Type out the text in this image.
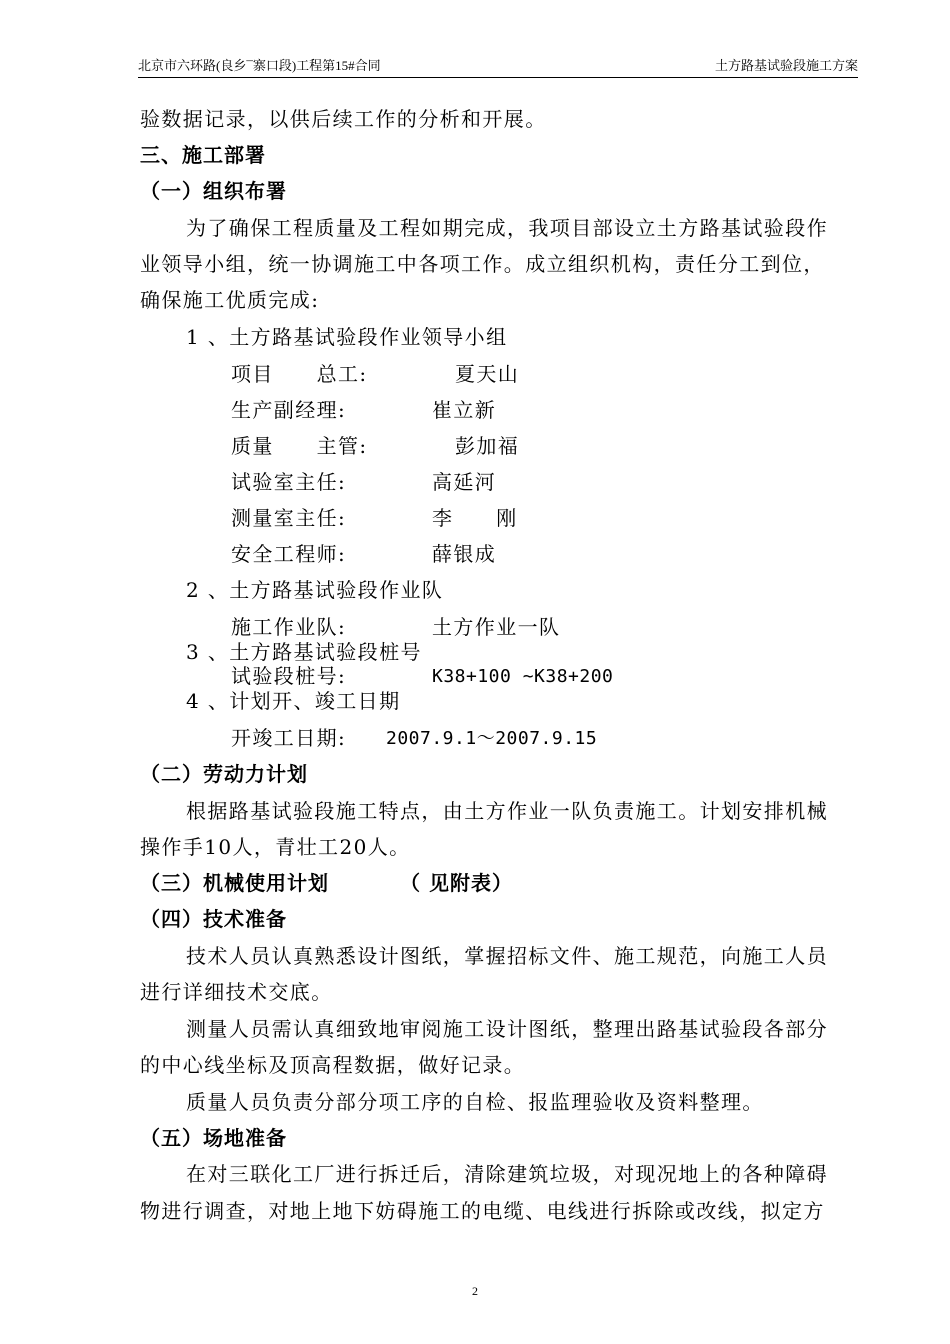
北京市六环路(良乡¯寨口段)工程第15#合同	土方路基试验段施工方案
验数据记录，以供后续工作的分析和开展。
三、施工部署
（一）组织布署
为了确保工程质量及工程如期完成，我项目部设立土方路基试验段作
业领导小组，统一协调施工中各项工作。成立组织机构，责任分工到位，
确保施工优质完成:
1 、土方路基试验段作业领导小组
项目　　总工:	夏天山
生产副经理:	崔立新
质量　　主管:	彭加福
试验室主任:	高延河
测量室主任:	李　　刚
安全工程师:	薛银成
2 、土方路基试验段作业队
施工作业队:	土方作业一队
3 、土方路基试验段桩号
试验段桩号:	K38+100 ~K38+200
4 、计划开、竣工日期
开竣工日期: 2007.9.1～2007.9.15
（二）劳动力计划
根据路基试验段施工特点，由土方作业一队负责施工。计划安排机械
操作手10人，青壮工20人。
（三）机械使用计划	（ 见附表）
（四）技术准备
技术人员认真熟悉设计图纸，掌握招标文件、施工规范，向施工人员
进行详细技术交底。
测量人员需认真细致地审阅施工设计图纸，整理出路基试验段各部分
的中心线坐标及顶高程数据，做好记录。
质量人员负责分部分项工序的自检、报监理验收及资料整理。
（五）场地准备
在对三联化工厂进行拆迁后，清除建筑垃圾，对现况地上的各种障碍
物进行调查，对地上地下妨碍施工的电缆、电线进行拆除或改线，拟定方
2
